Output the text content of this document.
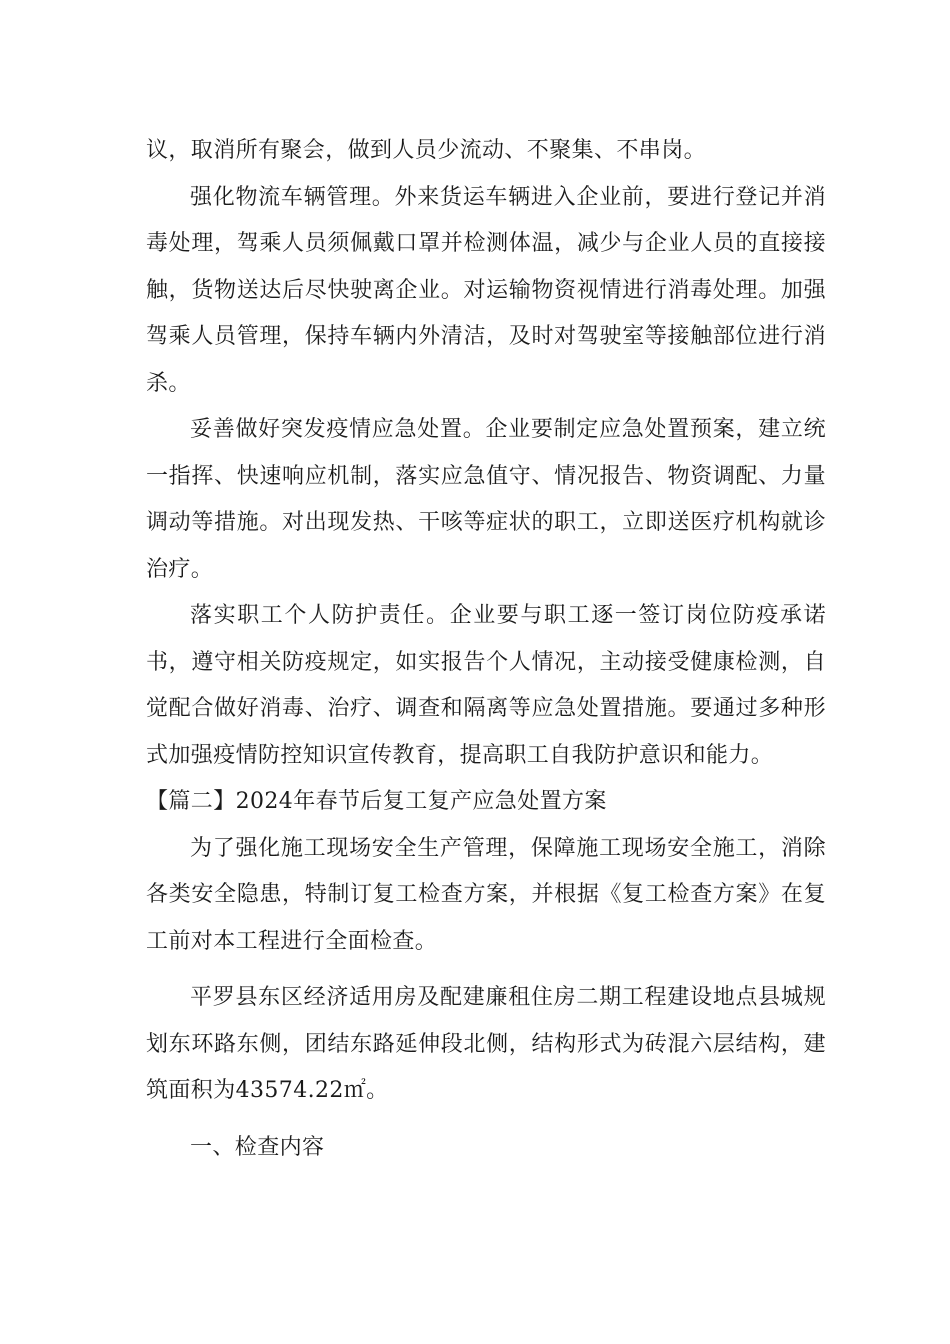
议，取消所有聚会，做到人员少流动、不聚集、不串岗。

强化物流车辆管理。外来货运车辆进入企业前，要进行登记并消毒处理，驾乘人员须佩戴口罩并检测体温，减少与企业人员的直接接触，货物送达后尽快驶离企业。对运输物资视情进行消毒处理。加强驾乘人员管理，保持车辆内外清洁，及时对驾驶室等接触部位进行消杀。

妥善做好突发疫情应急处置。企业要制定应急处置预案，建立统一指挥、快速响应机制，落实应急值守、情况报告、物资调配、力量调动等措施。对出现发热、干咳等症状的职工，立即送医疗机构就诊治疗。

落实职工个人防护责任。企业要与职工逐一签订岗位防疫承诺书，遵守相关防疫规定，如实报告个人情况，主动接受健康检测，自觉配合做好消毒、治疗、调查和隔离等应急处置措施。要通过多种形式加强疫情防控知识宣传教育，提高职工自我防护意识和能力。

【篇二】2024年春节后复工复产应急处置方案

为了强化施工现场安全生产管理，保障施工现场安全施工，消除各类安全隐患，特制订复工检查方案，并根据《复工检查方案》在复工前对本工程进行全面检查。

平罗县东区经济适用房及配建廉租住房二期工程建设地点县城规划东环路东侧，团结东路延伸段北侧，结构形式为砖混六层结构，建筑面积为43574.22㎡。

一、检查内容
